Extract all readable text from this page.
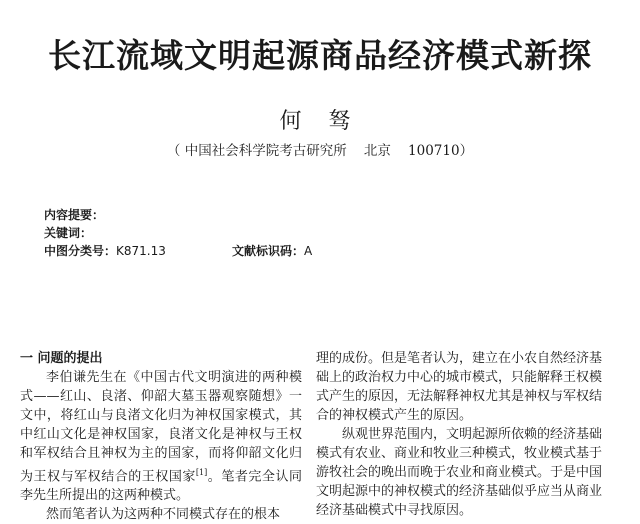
长江流域文明起源商品经济模式新探
何 驽
（ 中国社会科学院考古研究所    北京    100710）
内容提要：
关键词：
中图分类号：K871.13	文献标识码：A

一 问题的提出

李伯谦先生在《中国古代文明演进的两种模式——红山、良渚、仰韶大墓玉器观察随想》一文中，将红山与良渚文化归为神权国家模式，其中红山文化是神权国家，良渚文化是神权与王权和军权结合且神权为主的国家，而将仰韶文化归为王权与军权结合的王权国家[1]。笔者完全认同李先生所提出的这两种模式。

然而笔者认为这两种不同模式存在的根本

理的成份。但是笔者认为，建立在小农自然经济基础上的政治权力中心的城市模式，只能解释王权模式产生的原因，无法解释神权尤其是神权与军权结合的神权模式产生的原因。

纵观世界范围内，文明起源所依赖的经济基础模式有农业、商业和牧业三种模式，牧业模式基于游牧社会的晚出而晚于农业和商业模式。于是中国文明起源中的神权模式的经济基础似乎应当从商业经济基础模式中寻找原因。
